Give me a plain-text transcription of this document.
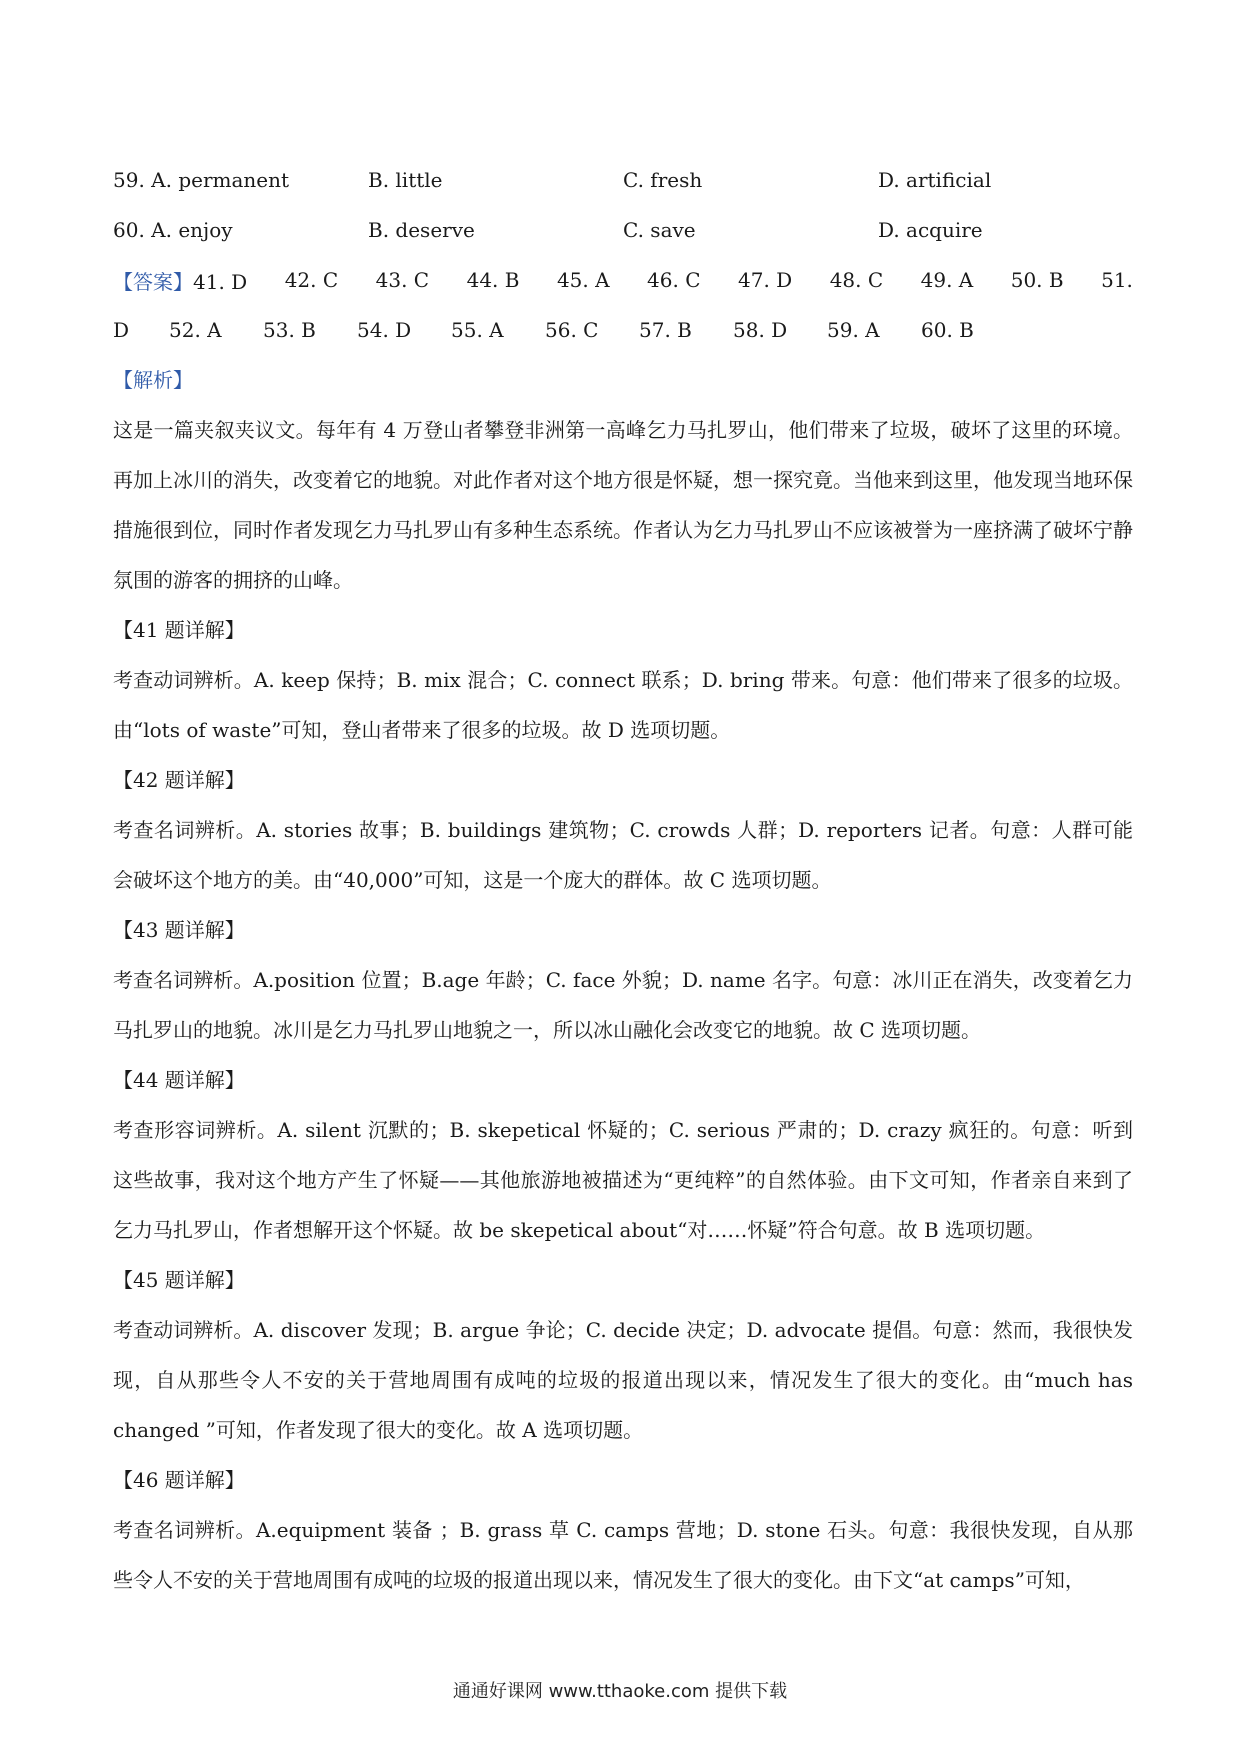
59. A. permanent	B. little	C. fresh	D. artificial
60. A. enjoy	B. deserve	C. save	D. acquire
【答案】41. D 42. C 43. C 44. B 45. A 46. C 47. D 48. C 49. A 50. B 51.
D	52. A	53. B	54. D	55. A	56. C	57. B	58. D	59. A	60. B
【解析】

这是一篇夹叙夹议文。每年有 4 万登山者攀登非洲第一高峰乞力马扎罗山，他们带来了垃圾，破坏了这里的环境。再加上冰川的消失，改变着它的地貌。对此作者对这个地方很是怀疑，想一探究竟。当他来到这里，他发现当地环保措施很到位，同时作者发现乞力马扎罗山有多种生态系统。作者认为乞力马扎罗山不应该被誉为一座挤满了破坏宁静氛围的游客的拥挤的山峰。

【41 题详解】

考查动词辨析。A. keep 保持；B. mix 混合；C. connect 联系；D. bring 带来。句意：他们带来了很多的垃圾。由“lots of waste”可知，登山者带来了很多的垃圾。故 D 选项切题。

【42 题详解】

考查名词辨析。A. stories 故事；B. buildings 建筑物；C. crowds 人群；D. reporters 记者。句意：人群可能会破坏这个地方的美。由“40,000”可知，这是一个庞大的群体。故 C 选项切题。

【43 题详解】

考查名词辨析。A.position 位置；B.age 年龄；C. face 外貌；D. name 名字。句意：冰川正在消失，改变着乞力马扎罗山的地貌。冰川是乞力马扎罗山地貌之一，所以冰山融化会改变它的地貌。故 C 选项切题。

【44 题详解】

考查形容词辨析。A. silent 沉默的；B. skepetical 怀疑的；C. serious 严肃的；D. crazy 疯狂的。句意：听到这些故事，我对这个地方产生了怀疑——其他旅游地被描述为“更纯粹”的自然体验。由下文可知，作者亲自来到了乞力马扎罗山，作者想解开这个怀疑。故 be skepetical about“对……怀疑”符合句意。故 B 选项切题。

【45 题详解】

考查动词辨析。A. discover 发现；B. argue 争论；C. decide 决定；D. advocate 提倡。句意：然而，我很快发现，自从那些令人不安的关于营地周围有成吨的垃圾的报道出现以来，情况发生了很大的变化。由“much has changed ”可知，作者发现了很大的变化。故 A 选项切题。

【46 题详解】

考查名词辨析。A.equipment 装备 ；B. grass 草 C. camps 营地；D. stone 石头。句意：我很快发现，自从那些令人不安的关于营地周围有成吨的垃圾的报道出现以来，情况发生了很大的变化。由下文“at camps”可知，

通通好课网 www.tthaoke.com 提供下载
